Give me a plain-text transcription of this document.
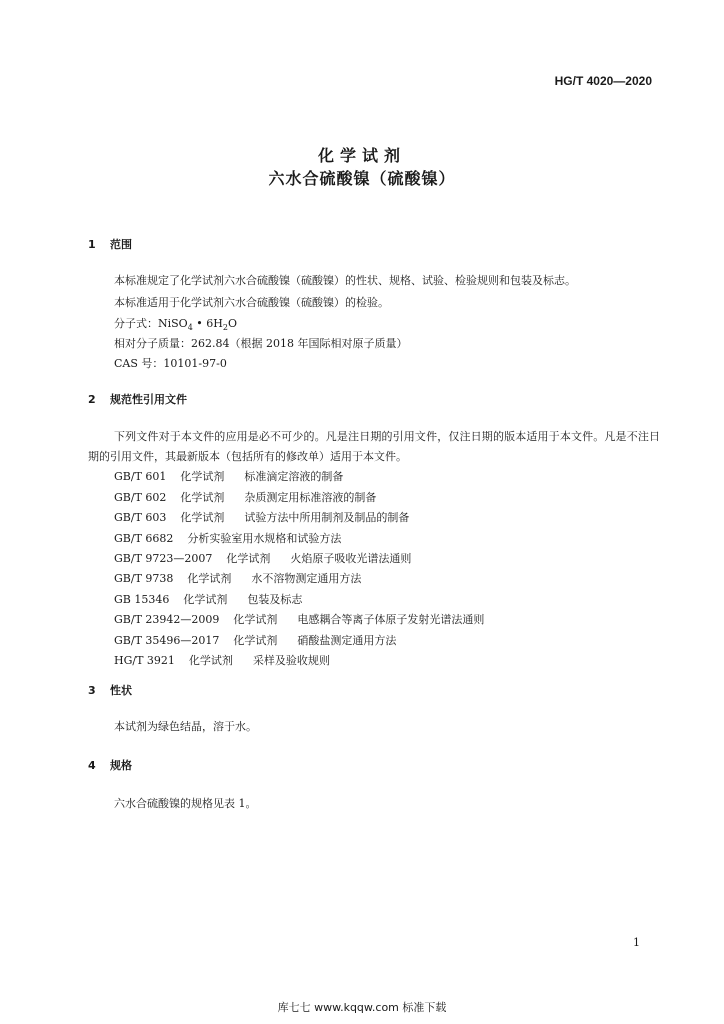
HG/T 4020—2020
化学试剂
六水合硫酸镍（硫酸镍）
1 范围
本标准规定了化学试剂六水合硫酸镍（硫酸镍）的性状、规格、试验、检验规则和包装及标志。
本标准适用于化学试剂六水合硫酸镍（硫酸镍）的检验。
分子式：NiSO$_4$ • $6H_2O$
相对分子质量：262.84（根据 2018 年国际相对原子质量）
CAS 号：10101-97-0
2 规范性引用文件
下列文件对于本文件的应用是必不可少的。凡是注日期的引用文件，仅注日期的版本适用于本文件。凡是不注日期的引用文件，其最新版本（包括所有的修改单）适用于本文件。
GB/T 601 化学试剂 标准滴定溶液的制备
GB/T 602 化学试剂 杂质测定用标准溶液的制备
GB/T 603 化学试剂 试验方法中所用制剂及制品的制备
GB/T 6682 分析实验室用水规格和试验方法
GB/T 9723—2007 化学试剂 火焰原子吸收光谱法通则
GB/T 9738 化学试剂 水不溶物测定通用方法
GB 15346 化学试剂 包装及标志
GB/T 23942—2009 化学试剂 电感耦合等离子体原子发射光谱法通则
GB/T 35496—2017 化学试剂 硝酸盐测定通用方法
HG/T 3921 化学试剂 采样及验收规则
3 性状
本试剂为绿色结晶，溶于水。
4 规格
六水合硫酸镍的规格见表 1。
1
库七七 www.kqqw.com 标准下载
